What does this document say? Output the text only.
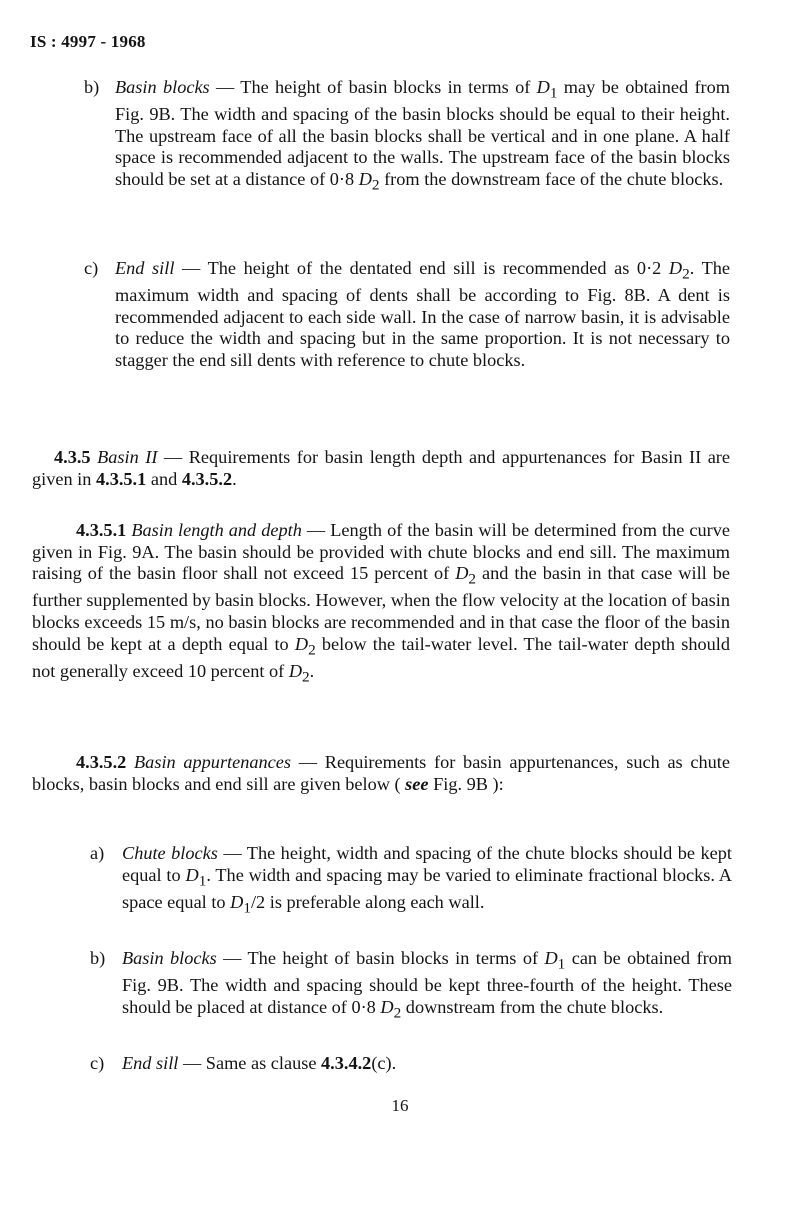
IS : 4997 - 1968
b) Basin blocks — The height of basin blocks in terms of $D_1$ may be obtained from Fig. 9B. The width and spacing of the basin blocks should be equal to their height. The upstream face of all the basin blocks shall be vertical and in one plane. A half space is recommended adjacent to the walls. The upstream face of the basin blocks should be set at a distance of 0·8 $D_2$ from the downstream face of the chute blocks.
c) End sill — The height of the dentated end sill is recommended as 0·2 $D_2$. The maximum width and spacing of dents shall be according to Fig. 8B. A dent is recommended adjacent to each side wall. In the case of narrow basin, it is advisable to reduce the width and spacing but in the same proportion. It is not necessary to stagger the end sill dents with reference to chute blocks.
4.3.5 Basin II — Requirements for basin length depth and appurtenances for Basin II are given in 4.3.5.1 and 4.3.5.2.
4.3.5.1 Basin length and depth — Length of the basin will be determined from the curve given in Fig. 9A. The basin should be provided with chute blocks and end sill. The maximum raising of the basin floor shall not exceed 15 percent of $D_2$ and the basin in that case will be further supplemented by basin blocks. However, when the flow velocity at the location of basin blocks exceeds 15 m/s, no basin blocks are recommended and in that case the floor of the basin should be kept at a depth equal to $D_2$ below the tail-water level. The tail-water depth should not generally exceed 10 percent of $D_2$.
4.3.5.2 Basin appurtenances — Requirements for basin appurtenances, such as chute blocks, basin blocks and end sill are given below ( see Fig. 9B ):
a) Chute blocks — The height, width and spacing of the chute blocks should be kept equal to $D_1$. The width and spacing may be varied to eliminate fractional blocks. A space equal to $D_1/2$ is preferable along each wall.
b) Basin blocks — The height of basin blocks in terms of $D_1$ can be obtained from Fig. 9B. The width and spacing should be kept three-fourth of the height. These should be placed at distance of 0·8 $D_2$ downstream from the chute blocks.
c) End sill — Same as clause 4.3.4.2(c).
16
